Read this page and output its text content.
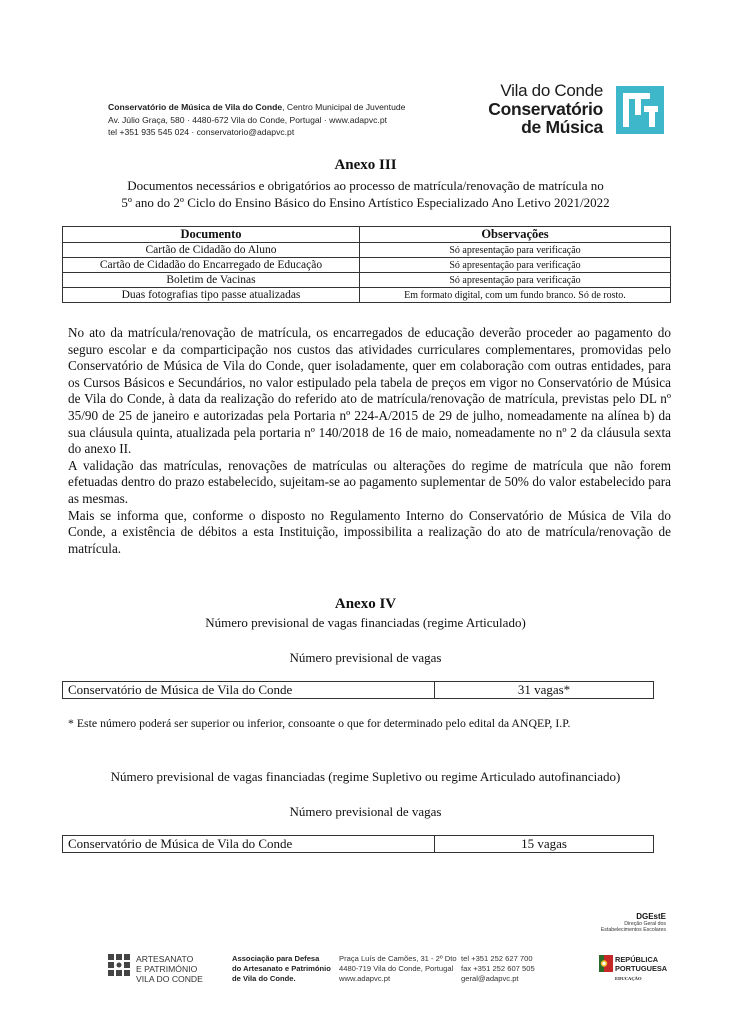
Conservatório de Música de Vila do Conde, Centro Municipal de Juventude
Av. Júlio Graça, 580 · 4480-672 Vila do Conde, Portugal · www.adapvc.pt
tel +351 935 545 024 · conservatorio@adapvc.pt
Vila do Conde
Conservatório
de Música
Anexo III
Documentos necessários e obrigatórios ao processo de matrícula/renovação de matrícula no
5º ano do 2º Ciclo do Ensino Básico do Ensino Artístico Especializado Ano Letivo 2021/2022
Documento	Observações
Cartão de Cidadão do Aluno	Só apresentação para verificação
Cartão de Cidadão do Encarregado de Educação	Só apresentação para verificação
Boletim de Vacinas	Só apresentação para verificação
Duas fotografias tipo passe atualizadas	Em formato digital, com um fundo branco. Só de rosto.

No ato da matrícula/renovação de matrícula, os encarregados de educação deverão proceder ao pagamento do seguro escolar e da comparticipação nos custos das atividades curriculares complementares, promovidas pelo Conservatório de Música de Vila do Conde, quer isoladamente, quer em colaboração com outras entidades, para os Cursos Básicos e Secundários, no valor estipulado pela tabela de preços em vigor no Conservatório de Música de Vila do Conde, à data da realização do referido ato de matrícula/renovação de matrícula, previstas pelo DL nº 35/90 de 25 de janeiro e autorizadas pela Portaria nº 224-A/2015 de 29 de julho, nomeadamente na alínea b) da sua cláusula quinta, atualizada pela portaria nº 140/2018 de 16 de maio, nomeadamente no nº 2 da cláusula sexta do anexo II.

A validação das matrículas, renovações de matrículas ou alterações do regime de matrícula que não forem efetuadas dentro do prazo estabelecido, sujeitam-se ao pagamento suplementar de 50% do valor estabelecido para as mesmas.

Mais se informa que, conforme o disposto no Regulamento Interno do Conservatório de Música de Vila do Conde, a existência de débitos a esta Instituição, impossibilita a realização do ato de matrícula/renovação de matrícula.

Anexo IV
Número previsional de vagas financiadas (regime Articulado)
Número previsional de vagas
Conservatório de Música de Vila do Conde	31 vagas*
* Este número poderá ser superior ou inferior, consoante o que for determinado pelo edital da ANQEP, I.P.
Número previsional de vagas financiadas (regime Supletivo ou regime Articulado autofinanciado)
Número previsional de vagas
Conservatório de Música de Vila do Conde	15 vagas
DGEstE
Direção Geral dos
Estabelecimentos Escolares
ARTESANATO
E PATRIMÓNIO
VILA DO CONDE
Associação para Defesa
do Artesanato e Património
de Vila do Conde.
Praça Luís de Camões, 31 - 2º Dto
4480-719 Vila do Conde, Portugal
www.adapvc.pt
tel +351 252 627 700
fax +351 252 607 505
geral@adapvc.pt
REPÚBLICA
PORTUGUESA
EDUCAÇÃO
